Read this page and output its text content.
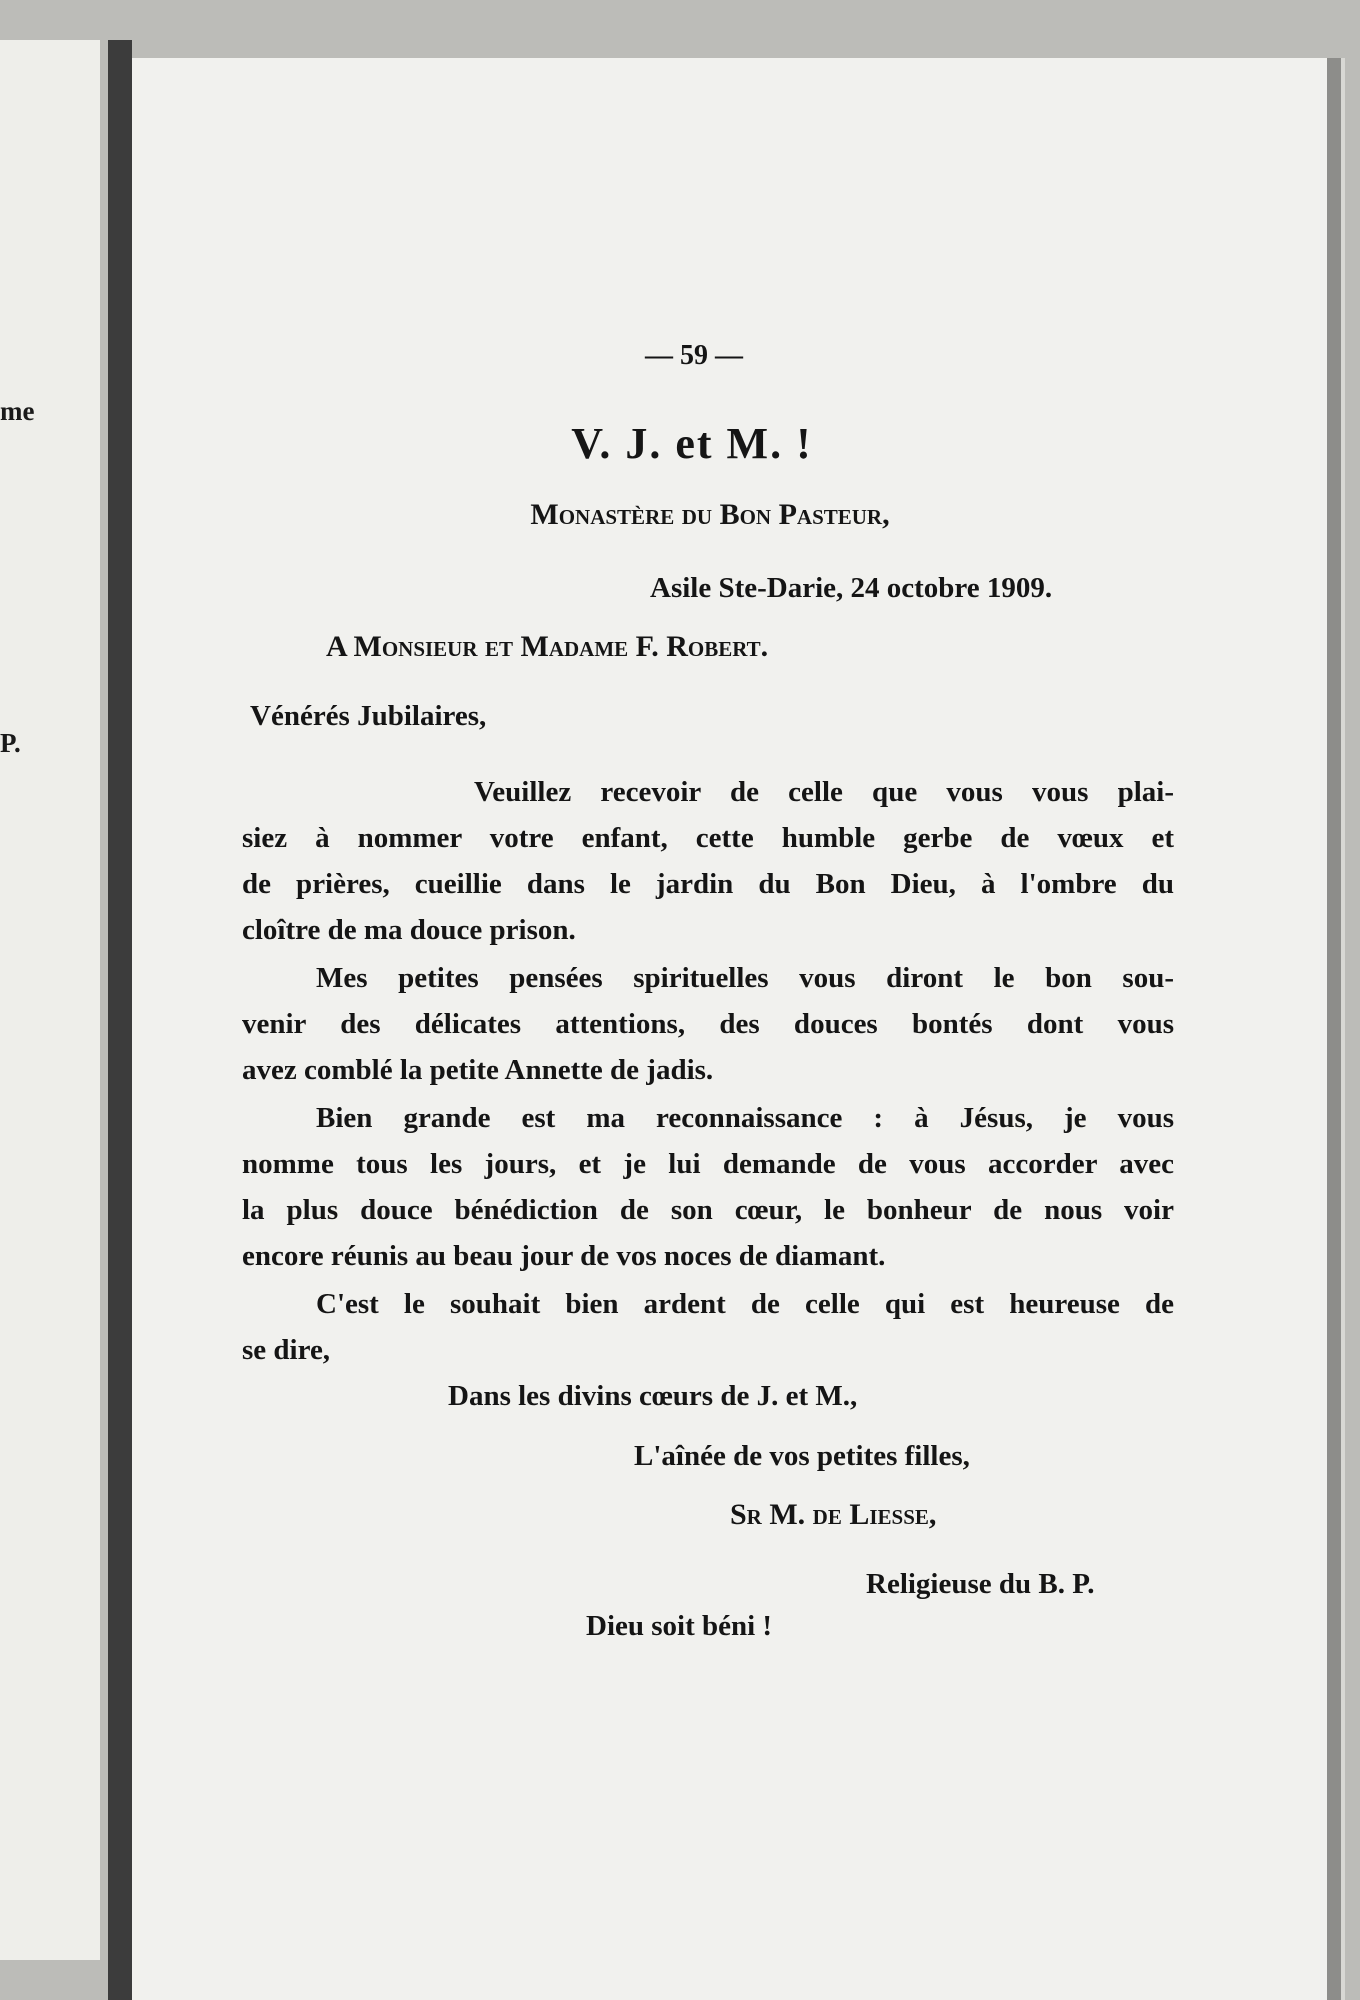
me
P.
— 59 —
V. J. et M. !
Monastère du Bon Pasteur,
Asile Ste-Darie, 24 octobre 1909.
A Monsieur et Madame F. Robert.
Vénérés Jubilaires,
Veuillez recevoir de celle que vous vous plai-
siez à nommer votre enfant, cette humble gerbe de vœux et
de prières, cueillie dans le jardin du Bon Dieu, à l'ombre du
cloître de ma douce prison.
Mes petites pensées spirituelles vous diront le bon sou-
venir des délicates attentions, des douces bontés dont vous
avez comblé la petite Annette de jadis.
Bien grande est ma reconnaissance : à Jésus, je vous
nomme tous les jours, et je lui demande de vous accorder avec
la plus douce bénédiction de son cœur, le bonheur de nous voir
encore réunis au beau jour de vos noces de diamant.
C'est le souhait bien ardent de celle qui est heureuse de
se dire,
Dans les divins cœurs de J. et M.,
L'aînée de vos petites filles,
Sr M. de Liesse,
Religieuse du B. P.
Dieu soit béni !
